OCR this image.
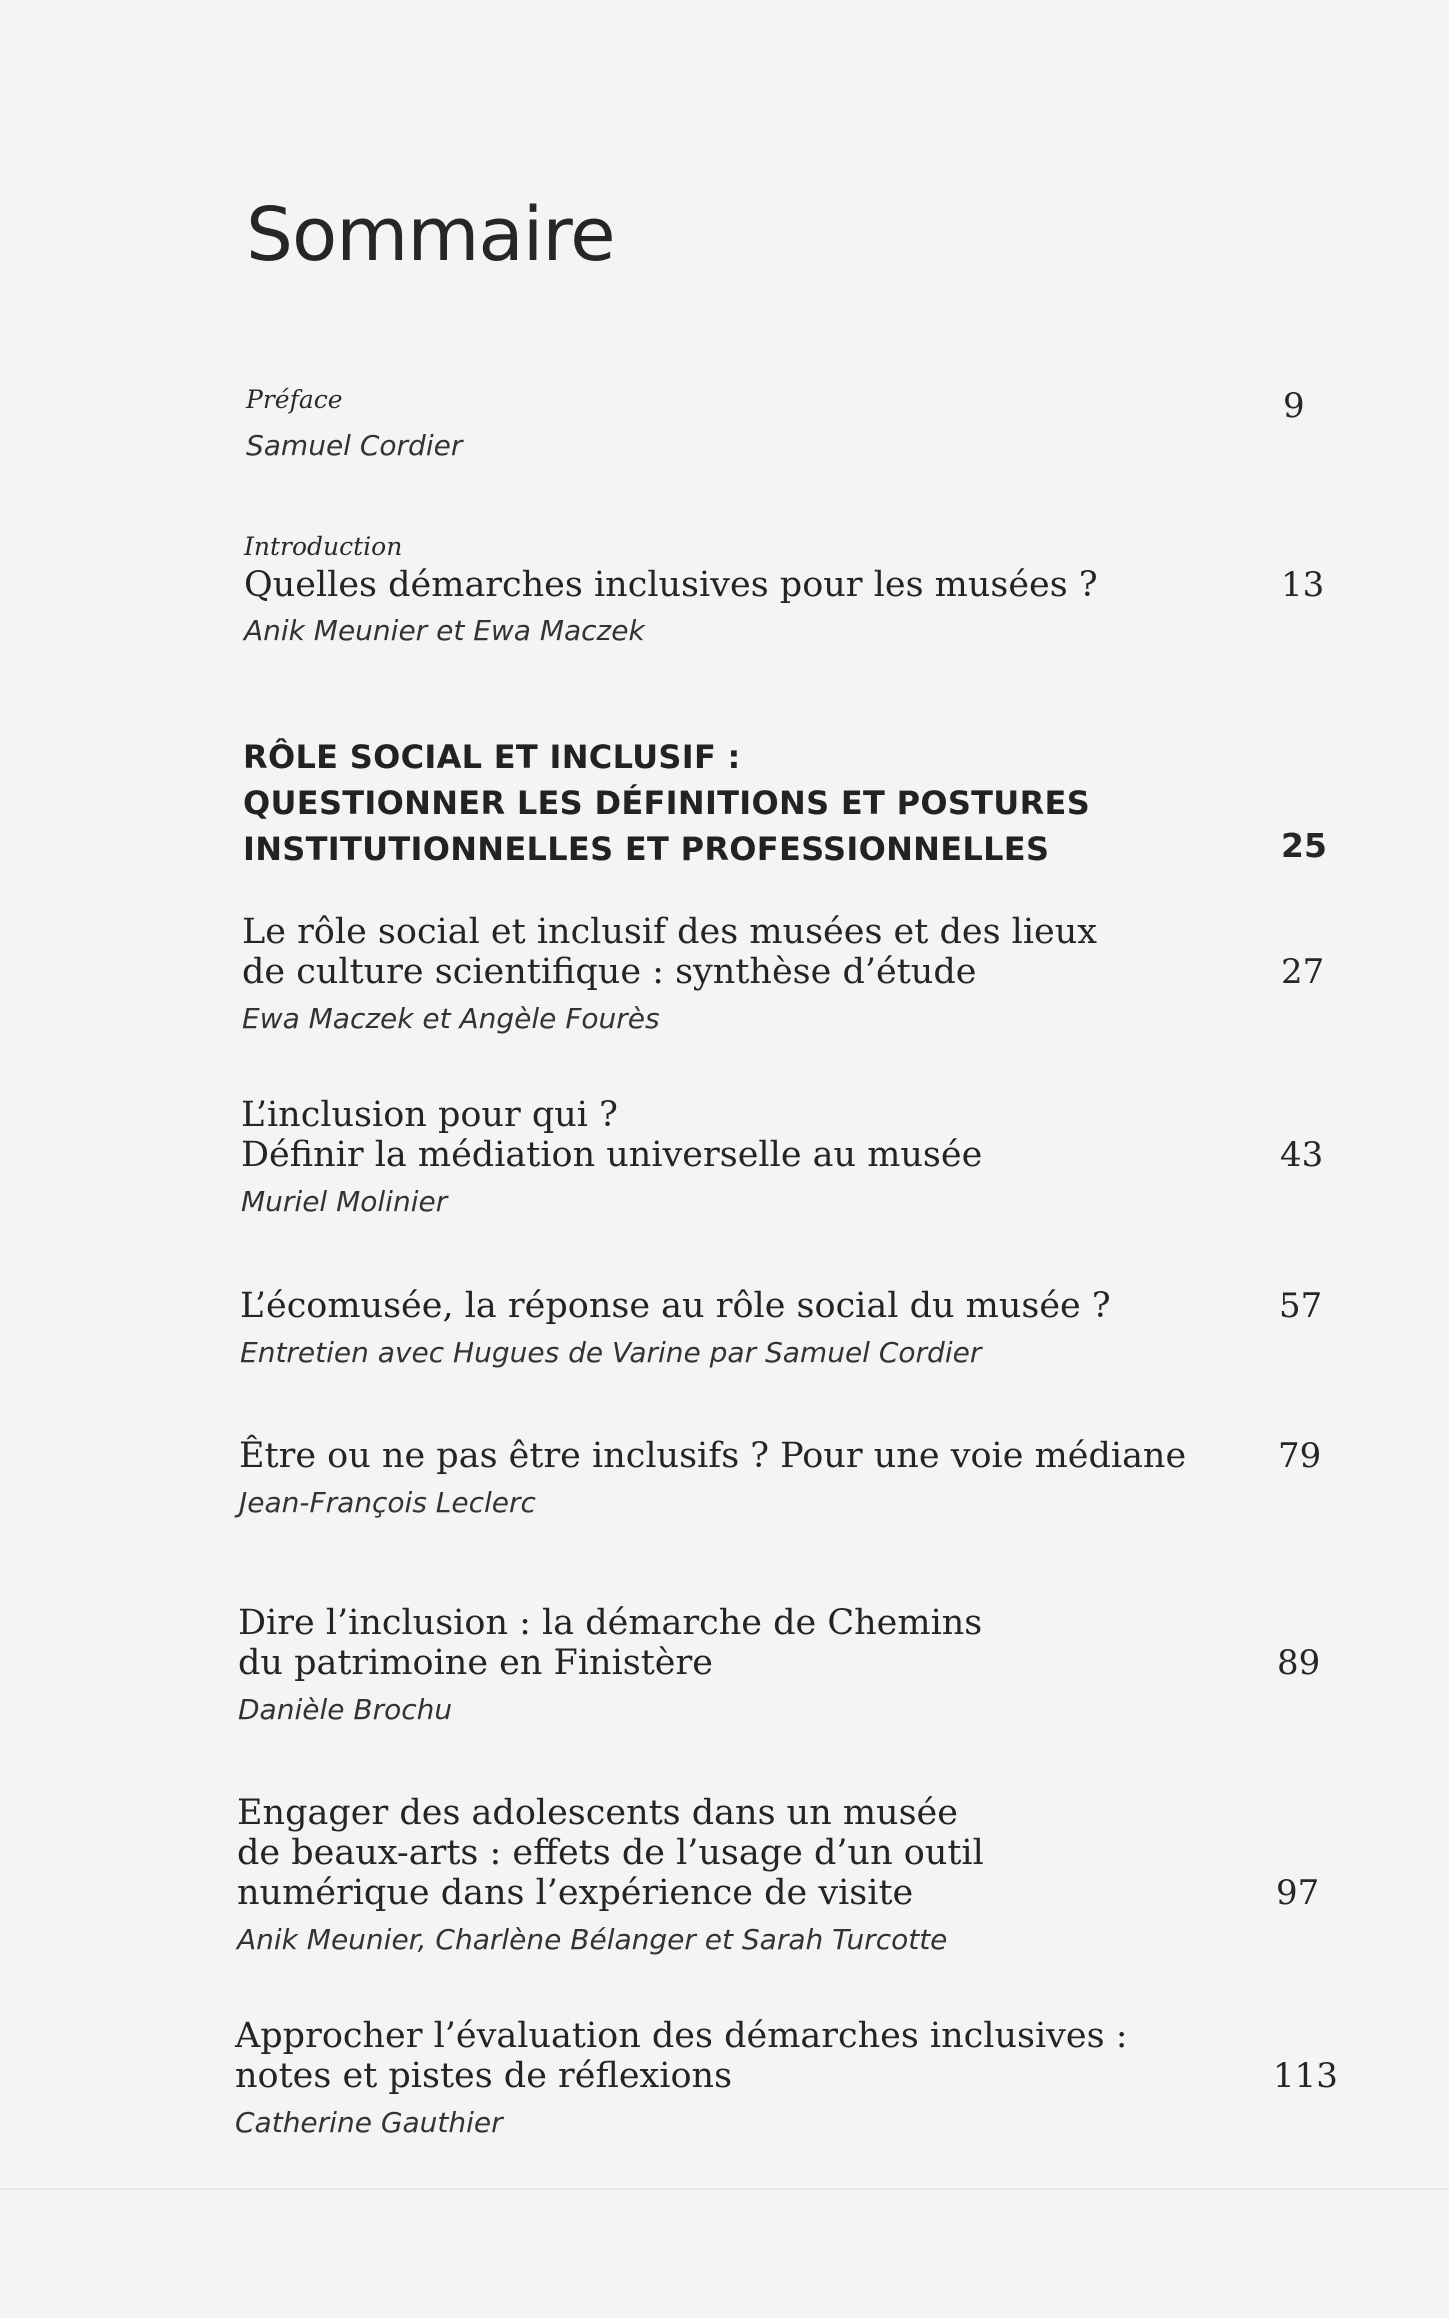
Sommaire
Préface
Samuel Cordier
9
Introduction
Quelles démarches inclusives pour les musées ?
Anik Meunier et Ewa Maczek
13
RÔLE SOCIAL ET INCLUSIF :
QUESTIONNER LES DÉFINITIONS ET POSTURES
INSTITUTIONNELLES ET PROFESSIONNELLES	25
Le rôle social et inclusif des musées et des lieux
de culture scientifique : synthèse d’étude
Ewa Maczek et Angèle Fourès
27
L’inclusion pour qui ?
Définir la médiation universelle au musée
Muriel Molinier
43
L’écomusée, la réponse au rôle social du musée ?
Entretien avec Hugues de Varine par Samuel Cordier
57
Être ou ne pas être inclusifs ? Pour une voie médiane
Jean-François Leclerc
79
Dire l’inclusion : la démarche de Chemins
du patrimoine en Finistère
Danièle Brochu
89
Engager des adolescents dans un musée
de beaux-arts : effets de l’usage d’un outil
numérique dans l’expérience de visite
Anik Meunier, Charlène Bélanger et Sarah Turcotte
97
Approcher l’évaluation des démarches inclusives :
notes et pistes de réflexions
Catherine Gauthier
113
